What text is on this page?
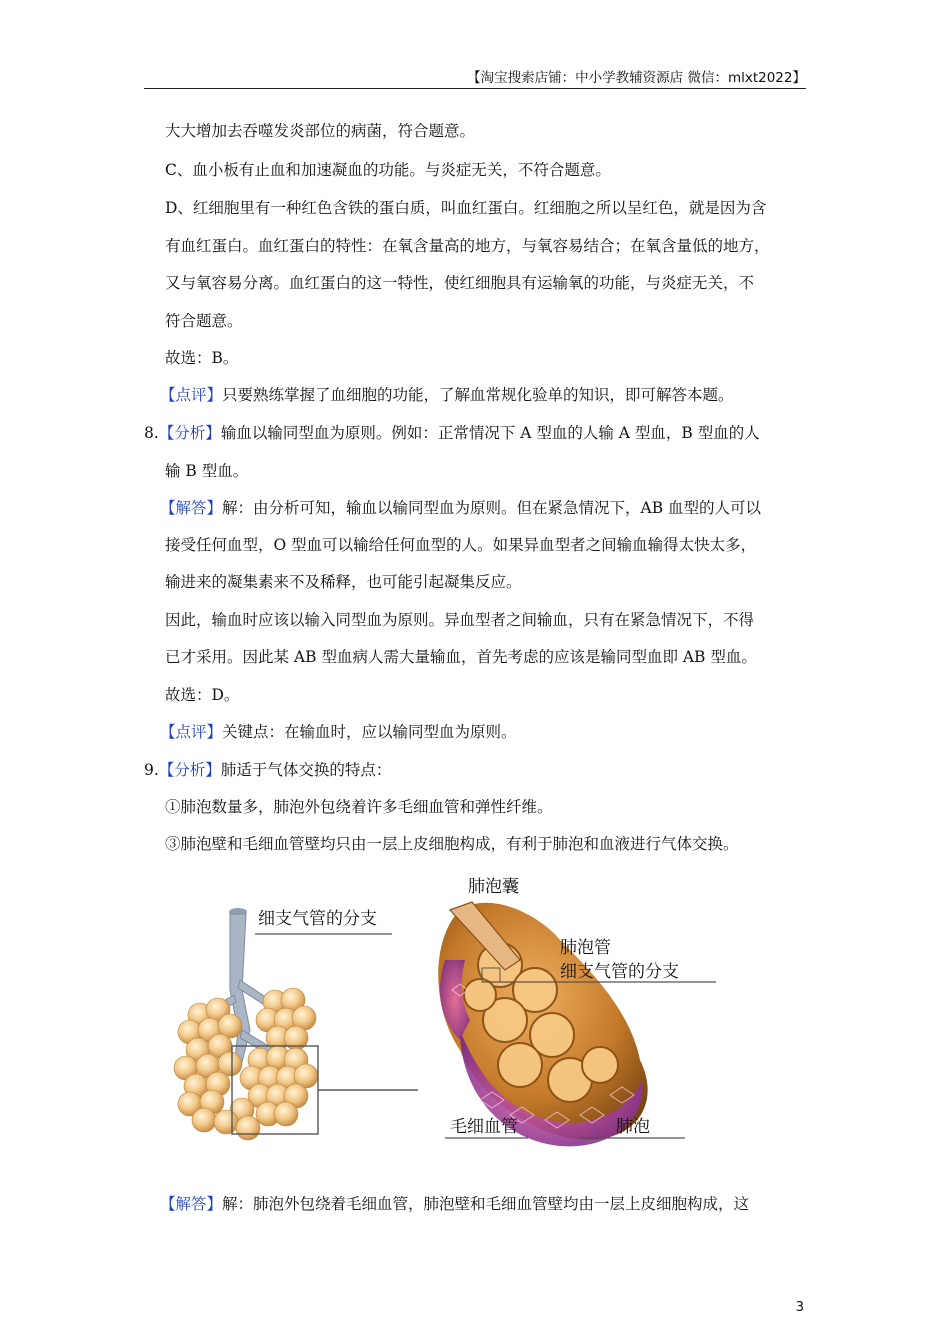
【淘宝搜索店铺：中小学教辅资源店 微信：mlxt2022】
大大增加去吞噬发炎部位的病菌，符合题意。
C、血小板有止血和加速凝血的功能。与炎症无关，不符合题意。
D、红细胞里有一种红色含铁的蛋白质，叫血红蛋白。红细胞之所以呈红色，就是因为含
有血红蛋白。血红蛋白的特性：在氧含量高的地方，与氧容易结合；在氧含量低的地方，
又与氧容易分离。血红蛋白的这一特性，使红细胞具有运输氧的功能，与炎症无关，不
符合题意。
故选：B。
【点评】只要熟练掌握了血细胞的功能，了解血常规化验单的知识，即可解答本题。
8.【分析】输血以输同型血为原则。例如：正常情况下 A 型血的人输 A 型血，B 型血的人
输 B 型血。
【解答】解：由分析可知，输血以输同型血为原则。但在紧急情况下，AB 血型的人可以
接受任何血型，O 型血可以输给任何血型的人。如果异血型者之间输血输得太快太多，
输进来的凝集素来不及稀释，也可能引起凝集反应。
因此，输血时应该以输入同型血为原则。异血型者之间输血，只有在紧急情况下，不得
已才采用。因此某 AB 型血病人需大量输血，首先考虑的应该是输同型血即 AB 型血。
故选：D。
【点评】关键点：在输血时，应以输同型血为原则。
9.【分析】肺适于气体交换的特点：
①肺泡数量多，肺泡外包绕着许多毛细血管和弹性纤维。
③肺泡壁和毛细血管壁均只由一层上皮细胞构成，有利于肺泡和血液进行气体交换。
细支气管的分支
肺泡囊
肺泡管
细支气管的分支
毛细血管	肺泡
【解答】解：肺泡外包绕着毛细血管，肺泡壁和毛细血管壁均由一层上皮细胞构成，这
3
